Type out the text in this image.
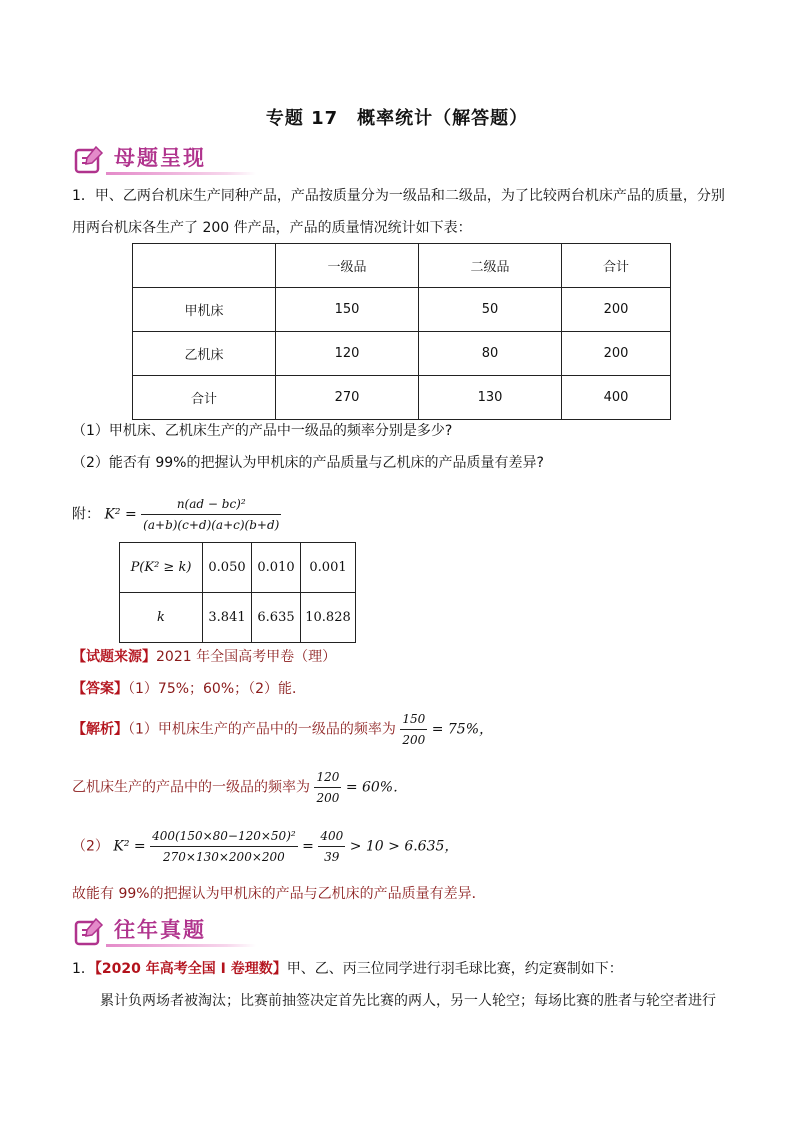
专题 17　概率统计（解答题）
母题呈现
1．甲、乙两台机床生产同种产品，产品按质量分为一级品和二级品，为了比较两台机床产品的质量，分别
用两台机床各生产了 200 件产品，产品的质量情况统计如下表：
	一级品	二级品	合计
甲机床	150	50	200
乙机床	120	80	200
合计	270	130	400
（1）甲机床、乙机床生产的产品中一级品的频率分别是多少?
（2）能否有 99%的把握认为甲机床的产品质量与乙机床的产品质量有差异?
附： $K^2 = \frac{\text{n(ad − bc)²}}{(a+b)(c+d)(a+c)(b+d)}$
P(K² ≥ k)	0.050	0.010	0.001
k	3.841	6.635	10.828
【试题来源】2021 年全国高考甲卷（理）
【答案】（1）75%；60%；（2）能．
【解析】（1）甲机床生产的产品中的一级品的频率为 $\frac{150}{200} = 75\%$，
乙机床生产的产品中的一级品的频率为 $\frac{120}{200} = 60\%$．
（2） $K^2 = \frac{\text{400(150×80−120×50)²}}{270\times 130\times 200\times 200} = \frac{400}{39} > 10 > 6.635$，
故能有 99%的把握认为甲机床的产品与乙机床的产品质量有差异．
往年真题
1．【2020 年高考全国 I 卷理数】甲、乙、丙三位同学进行羽毛球比赛，约定赛制如下：
累计负两场者被淘汰；比赛前抽签决定首先比赛的两人，另一人轮空；每场比赛的胜者与轮空者进行
